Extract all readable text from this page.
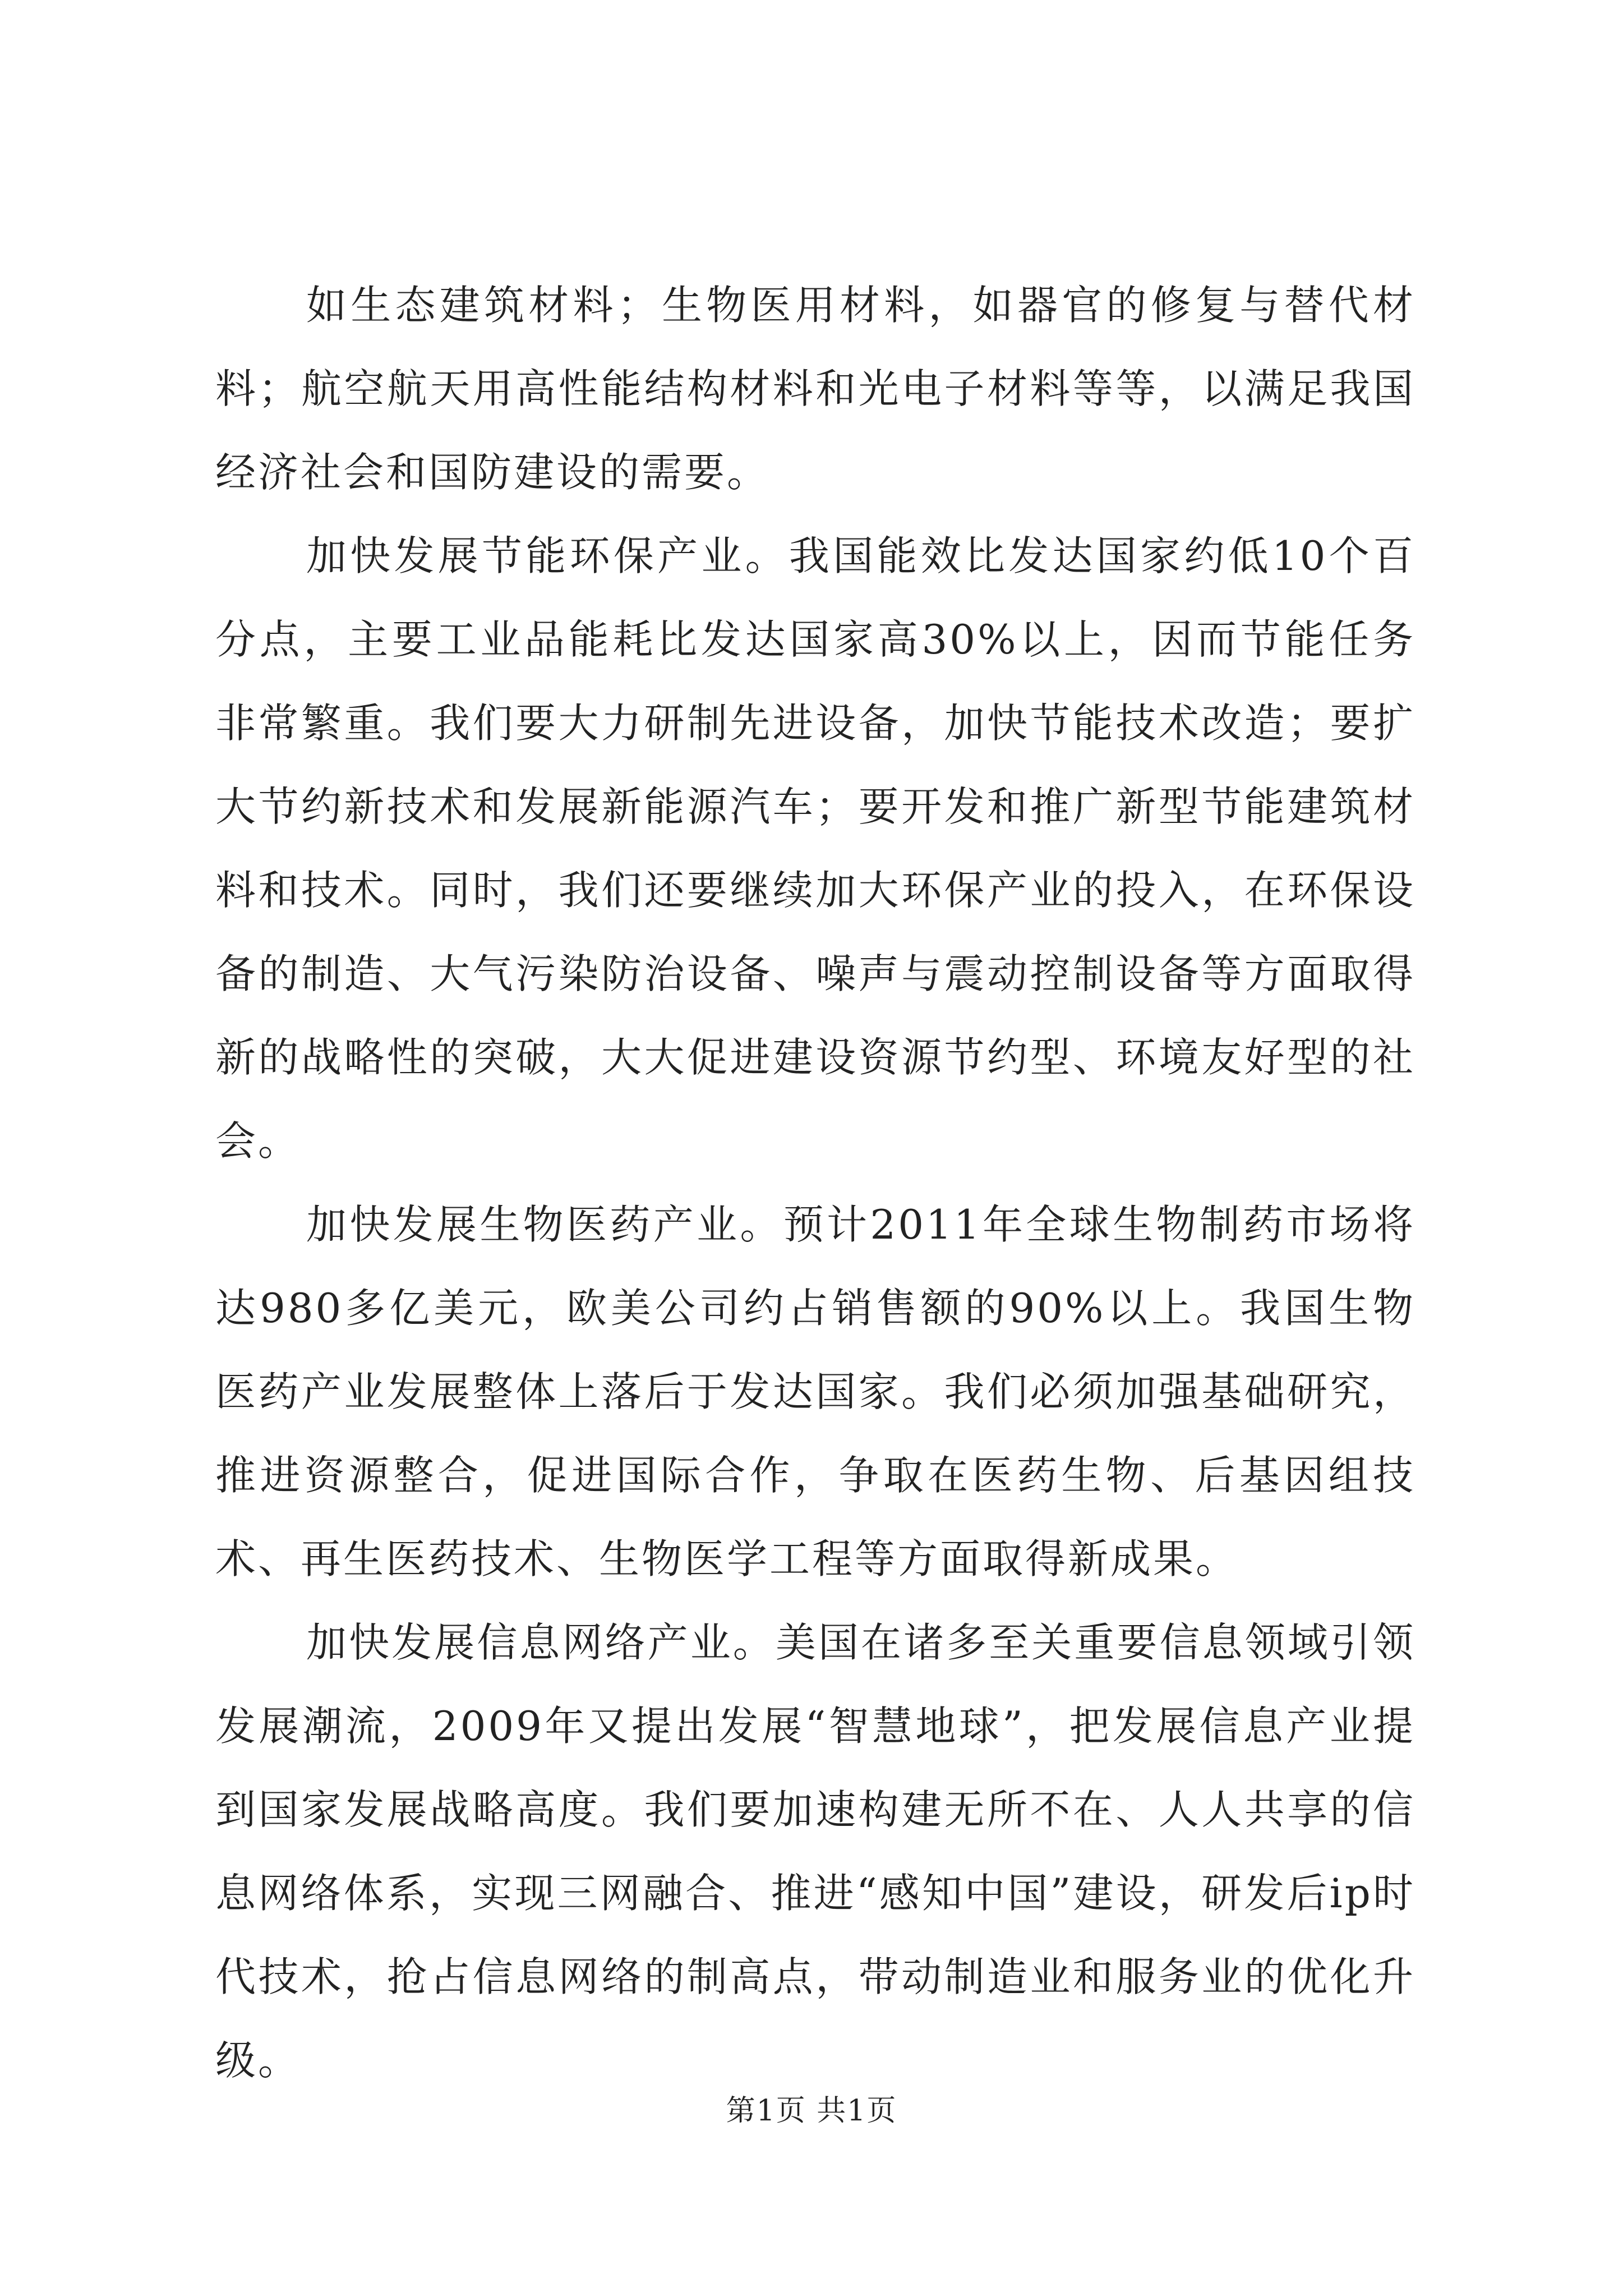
如生态建筑材料；生物医用材料，如器官的修复与替代材料；航空航天用高性能结构材料和光电子材料等等，以满足我国经济社会和国防建设的需要。

加快发展节能环保产业。我国能效比发达国家约低10个百分点，主要工业品能耗比发达国家高30%以上，因而节能任务非常繁重。我们要大力研制先进设备，加快节能技术改造；要扩大节约新技术和发展新能源汽车；要开发和推广新型节能建筑材料和技术。同时，我们还要继续加大环保产业的投入，在环保设备的制造、大气污染防治设备、噪声与震动控制设备等方面取得新的战略性的突破，大大促进建设资源节约型、环境友好型的社会。

加快发展生物医药产业。预计2011年全球生物制药市场将达980多亿美元，欧美公司约占销售额的90%以上。我国生物医药产业发展整体上落后于发达国家。我们必须加强基础研究，推进资源整合，促进国际合作，争取在医药生物、后基因组技术、再生医药技术、生物医学工程等方面取得新成果。

加快发展信息网络产业。美国在诸多至关重要信息领域引领发展潮流，2009年又提出发展“智慧地球”，把发展信息产业提到国家发展战略高度。我们要加速构建无所不在、人人共享的信息网络体系，实现三网融合、推进“感知中国”建设，研发后ip时代技术，抢占信息网络的制高点，带动制造业和服务业的优化升级。

第1页 共1页
